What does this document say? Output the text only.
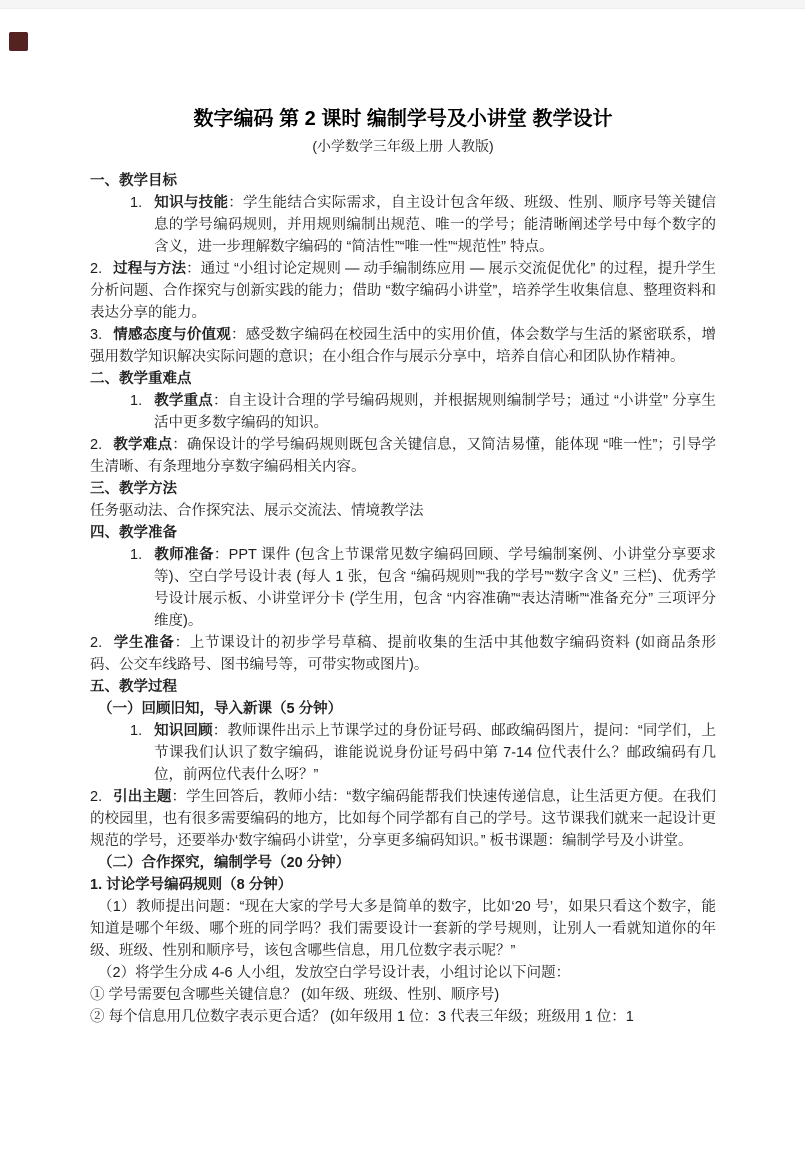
数字编码 第 2 课时 编制学号及小讲堂 教学设计

(小学数学三年级上册 人教版)

一、教学目标

1. 知识与技能：学生能结合实际需求，自主设计包含年级、班级、性别、顺序号等关键信息的学号编码规则，并用规则编制出规范、唯一的学号；能清晰阐述学号中每个数字的含义，进一步理解数字编码的 “简洁性”“唯一性”“规范性” 特点。

2. 过程与方法：通过 “小组讨论定规则 — 动手编制练应用 — 展示交流促优化” 的过程，提升学生分析问题、合作探究与创新实践的能力；借助 “数字编码小讲堂”，培养学生收集信息、整理资料和表达分享的能力。

3. 情感态度与价值观：感受数字编码在校园生活中的实用价值，体会数学与生活的紧密联系，增强用数学知识解决实际问题的意识；在小组合作与展示分享中，培养自信心和团队协作精神。

二、教学重难点

1. 教学重点：自主设计合理的学号编码规则，并根据规则编制学号；通过 “小讲堂” 分享生活中更多数字编码的知识。

2. 教学难点：确保设计的学号编码规则既包含关键信息，又简洁易懂，能体现 “唯一性”；引导学生清晰、有条理地分享数字编码相关内容。

三、教学方法

任务驱动法、合作探究法、展示交流法、情境教学法

四、教学准备

1. 教师准备：PPT 课件 (包含上节课常见数字编码回顾、学号编制案例、小讲堂分享要求等)、空白学号设计表 (每人 1 张，包含 “编码规则”“我的学号”“数字含义” 三栏)、优秀学号设计展示板、小讲堂评分卡 (学生用，包含 “内容准确”“表达清晰”“准备充分” 三项评分维度)。

2. 学生准备：上节课设计的初步学号草稿、提前收集的生活中其他数字编码资料 (如商品条形码、公交车线路号、图书编号等，可带实物或图片)。

五、教学过程

（一）回顾旧知，导入新课（5 分钟）

1. 知识回顾：教师课件出示上节课学过的身份证号码、邮政编码图片，提问：“同学们，上节课我们认识了数字编码，谁能说说身份证号码中第 7-14 位代表什么？邮政编码有几位，前两位代表什么呀？”

2. 引出主题：学生回答后，教师小结：“数字编码能帮我们快速传递信息，让生活更方便。在我们的校园里，也有很多需要编码的地方，比如每个同学都有自己的学号。这节课我们就来一起设计更规范的学号，还要举办‘数字编码小讲堂’，分享更多编码知识。” 板书课题：编制学号及小讲堂。

（二）合作探究，编制学号（20 分钟）

1. 讨论学号编码规则（8 分钟）

（1）教师提出问题：“现在大家的学号大多是简单的数字，比如‘20 号’，如果只看这个数字，能知道是哪个年级、哪个班的同学吗？我们需要设计一套新的学号规则，让别人一看就知道你的年级、班级、性别和顺序号，该包含哪些信息，用几位数字表示呢？”

（2）将学生分成 4-6 人小组，发放空白学号设计表，小组讨论以下问题：

① 学号需要包含哪些关键信息？ (如年级、班级、性别、顺序号)

② 每个信息用几位数字表示更合适？ (如年级用 1 位：3 代表三年级；班级用 1 位：1
